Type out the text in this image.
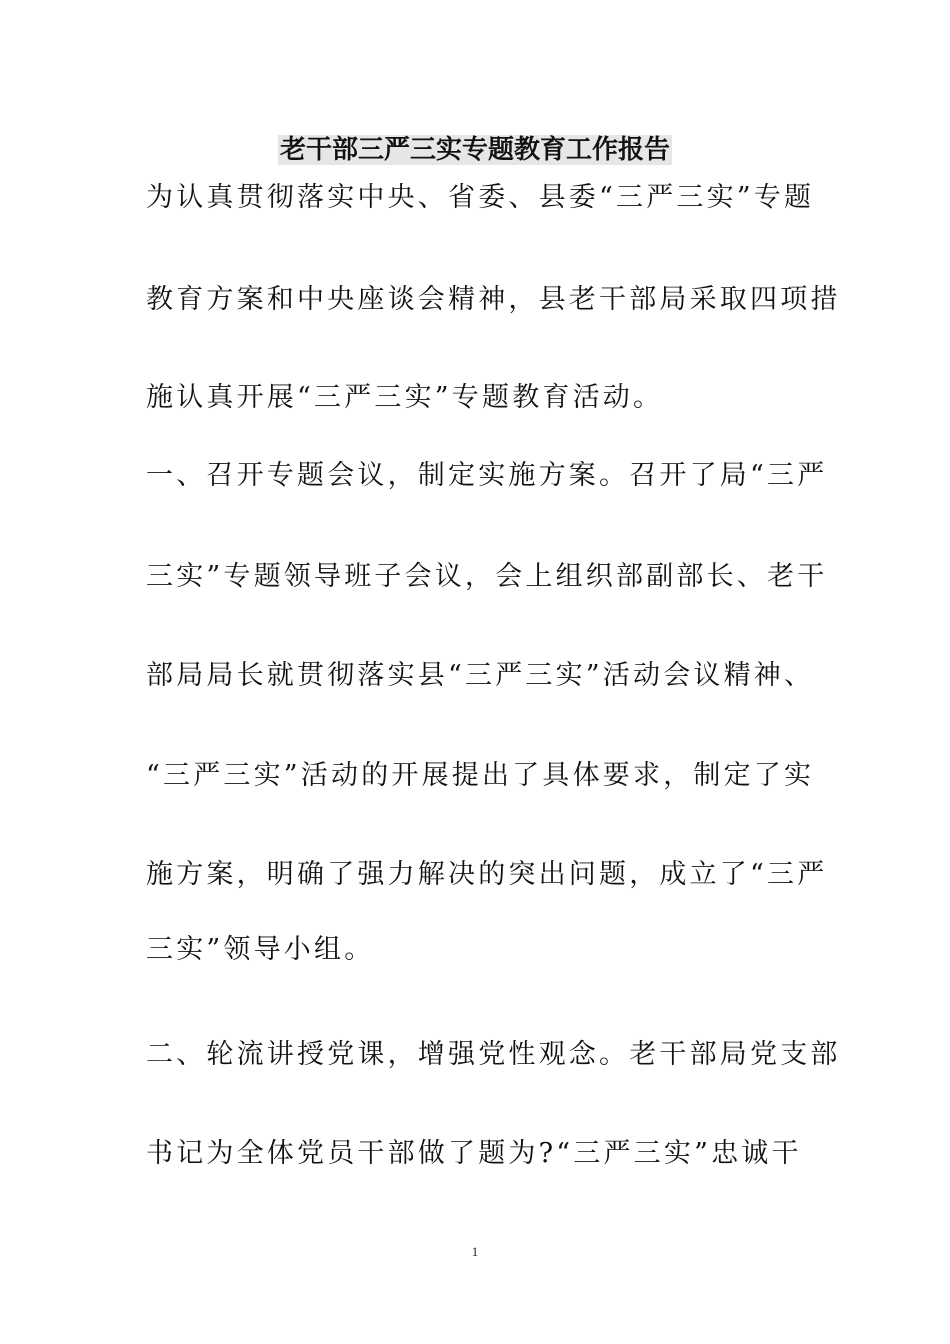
老干部三严三实专题教育工作报告
为认真贯彻落实中央、省委、县委“三严三实”专题
教育方案和中央座谈会精神，县老干部局采取四项措
施认真开展“三严三实”专题教育活动。
一、召开专题会议，制定实施方案。召开了局“三严
三实”专题领导班子会议，会上组织部副部长、老干
部局局长就贯彻落实县“三严三实”活动会议精神、
“三严三实”活动的开展提出了具体要求，制定了实
施方案，明确了强力解决的突出问题，成立了“三严
三实”领导小组。
二、轮流讲授党课，增强党性观念。老干部局党支部
书记为全体党员干部做了题为?“三严三实”忠诚干
1
